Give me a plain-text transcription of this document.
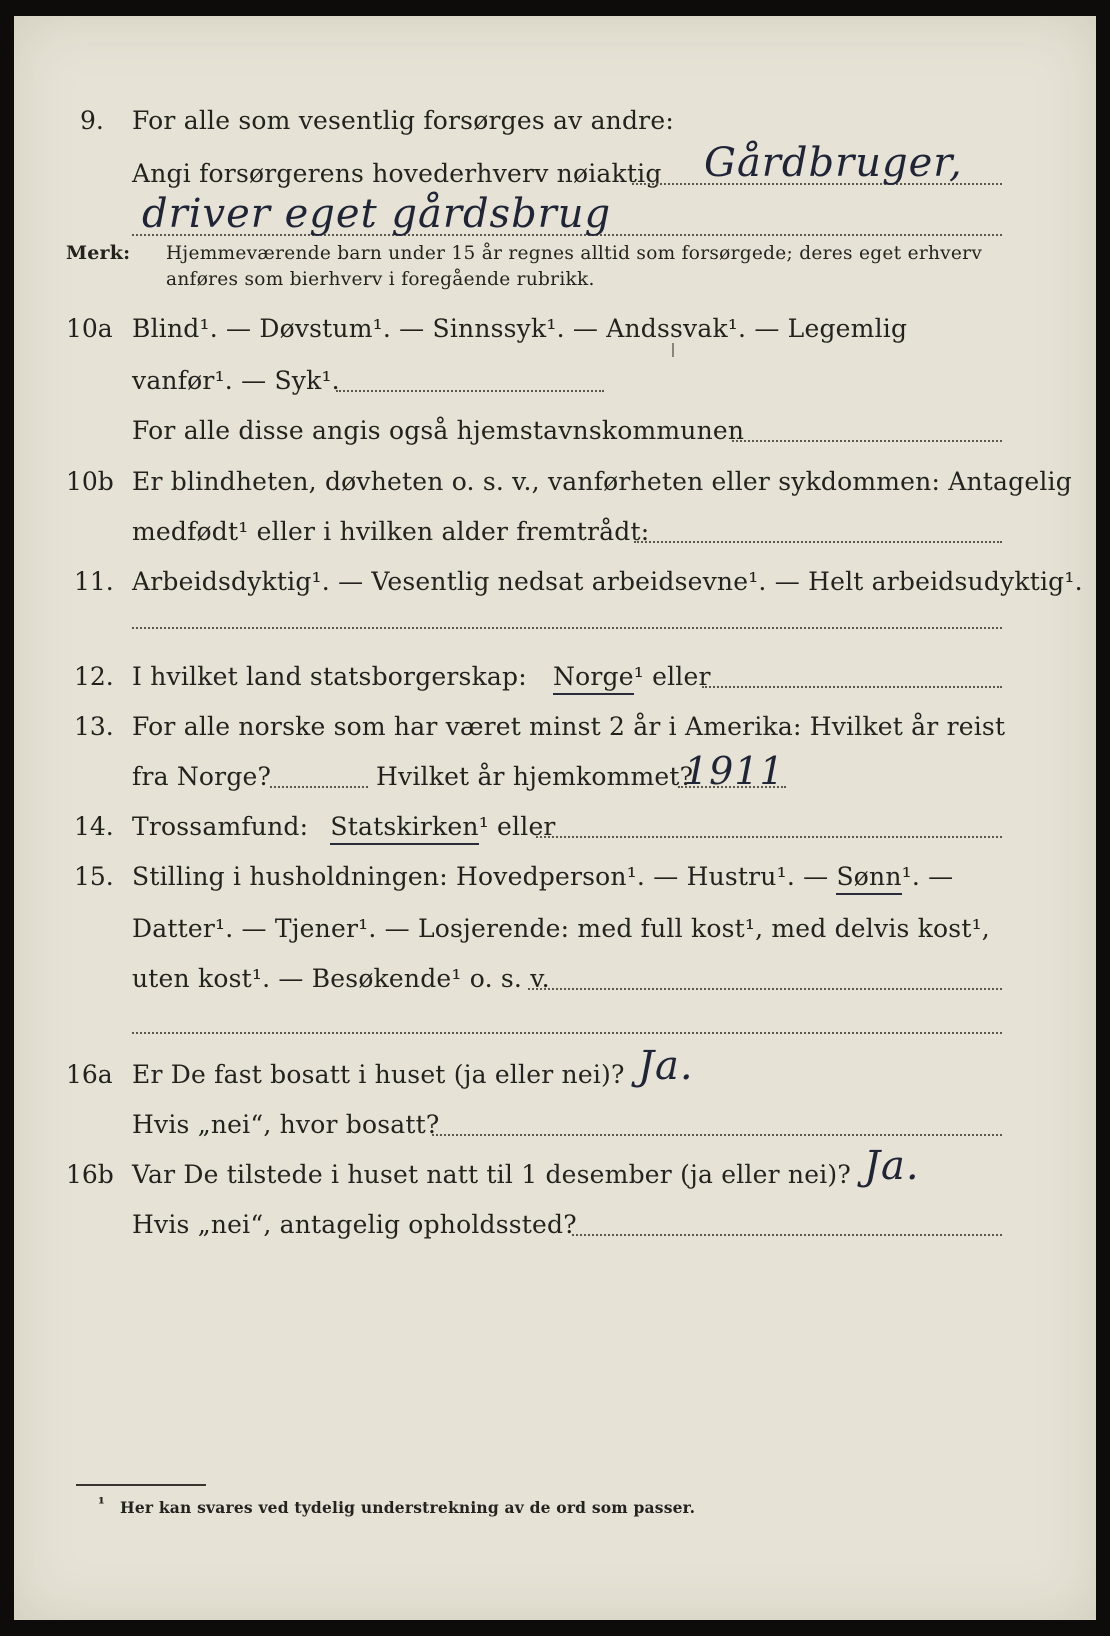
9. For alle som vesentlig forsørges av andre:
Angi forsørgerens hovederhverv nøiaktig Gårdbruger,
driver eget gårdsbrug
Merk: Hjemmeværende barn under 15 år regnes alltid som forsørgede; deres eget erhverv
anføres som bierhverv i foregående rubrikk.
10a Blind¹. — Døvstum¹. — Sinnssyk¹. — Andssvak¹. — Legemlig
vanfør¹. — Syk¹.
For alle disse angis også hjemstavnskommunen
10b Er blindheten, døvheten o. s. v., vanførheten eller sykdommen: Antagelig
medfødt¹ eller i hvilken alder fremtrådt:
11. Arbeidsdyktig¹. — Vesentlig nedsat arbeidsevne¹. — Helt arbeidsudyktig¹.
12. I hvilket land statsborgerskap: Norge¹ eller
13. For alle norske som har været minst 2 år i Amerika: Hvilket år reist
fra Norge?	Hvilket år hjemkommet?
1911
14. Trossamfund: Statskirken¹ eller
15. Stilling i husholdningen: Hovedperson¹. — Hustru¹. — Sønn¹. —
Datter¹. — Tjener¹. — Losjerende: med full kost¹, med delvis kost¹,
uten kost¹. — Besøkende¹ o. s. v.
16a Er De fast bosatt i huset (ja eller nei)? Ja.
Hvis „nei“, hvor bosatt?
16b Var De tilstede i huset natt til 1 desember (ja eller nei)? Ja.
Hvis „nei“, antagelig opholdssted?
¹ Her kan svares ved tydelig understrekning av de ord som passer.
